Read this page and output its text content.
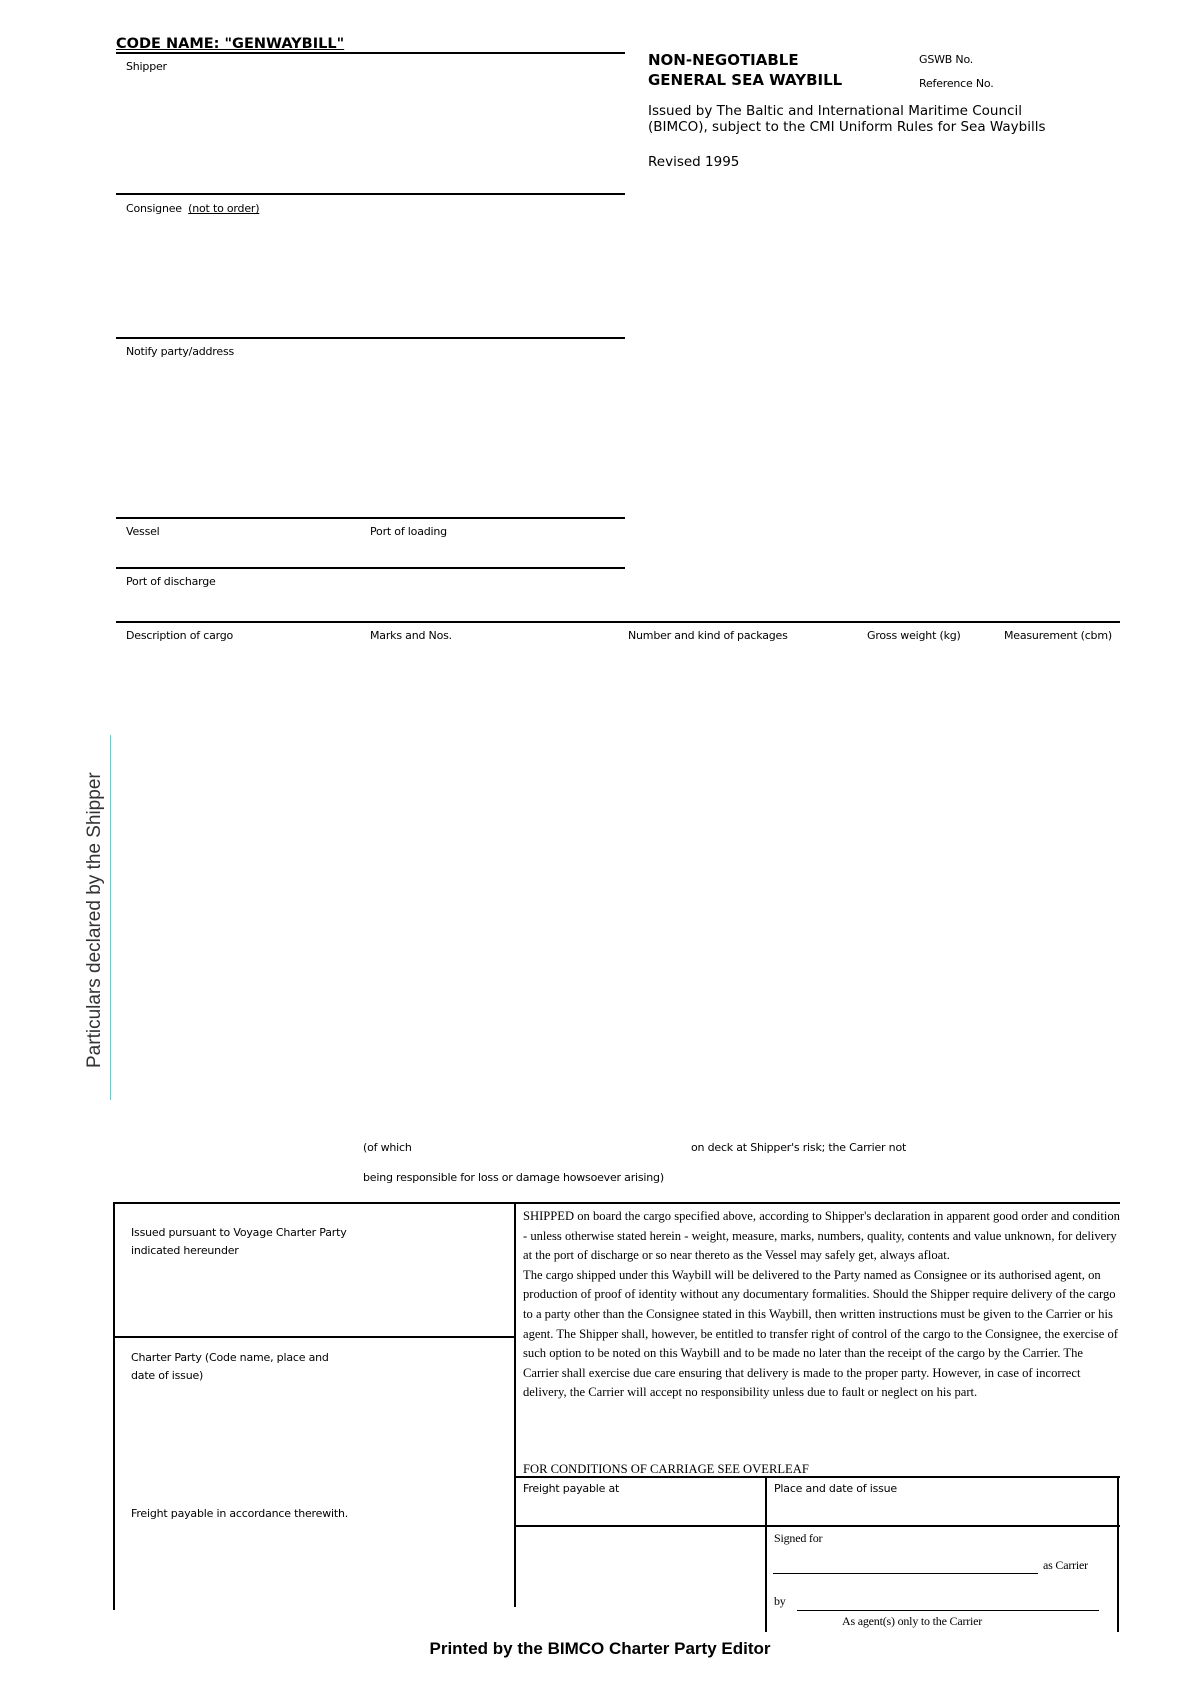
CODE NAME: "GENWAYBILL"
Shipper	NON-NEGOTIABLE
GENERAL SEA WAYBILL
GSWB No.
Reference No.
Issued by The Baltic and International Maritime Council
(BIMCO), subject to the CMI Uniform Rules for Sea Waybills
Revised 1995
Consignee (not to order)
Notify party/address
Vessel	Port of loading
Port of discharge
Description of cargo	Marks and Nos.	Number and kind of packages	Gross weight (kg)	Measurement (cbm)
Particulars declared by the Shipper
(of which	on deck at Shipper's risk; the Carrier not
being responsible for loss or damage howsoever arising)
Issued pursuant to Voyage Charter Party
indicated hereunder
Charter Party (Code name, place and
date of issue)
Freight payable in accordance therewith.

SHIPPED on board the cargo specified above, according to Shipper's declaration in apparent good order and condition - unless otherwise stated herein - weight, measure, marks, numbers, quality, contents and value unknown, for delivery at the port of discharge or so near thereto as the Vessel may safely get, always afloat.

The cargo shipped under this Waybill will be delivered to the Party named as Consignee or its authorised agent, on production of proof of identity without any documentary formalities. Should the Shipper require delivery of the cargo to a party other than the Consignee stated in this Waybill, then written instructions must be given to the Carrier or his agent. The Shipper shall, however, be entitled to transfer right of control of the cargo to the Consignee, the exercise of such option to be noted on this Waybill and to be made no later than the receipt of the cargo by the Carrier. The Carrier shall exercise due care ensuring that delivery is made to the proper party. However, in case of incorrect delivery, the Carrier will accept no responsibility unless due to fault or neglect on his part.

FOR CONDITIONS OF CARRIAGE SEE OVERLEAF
Freight payable at	Place and date of issue
Signed for
as Carrier
by
As agent(s) only to the Carrier
Printed by the BIMCO Charter Party Editor
